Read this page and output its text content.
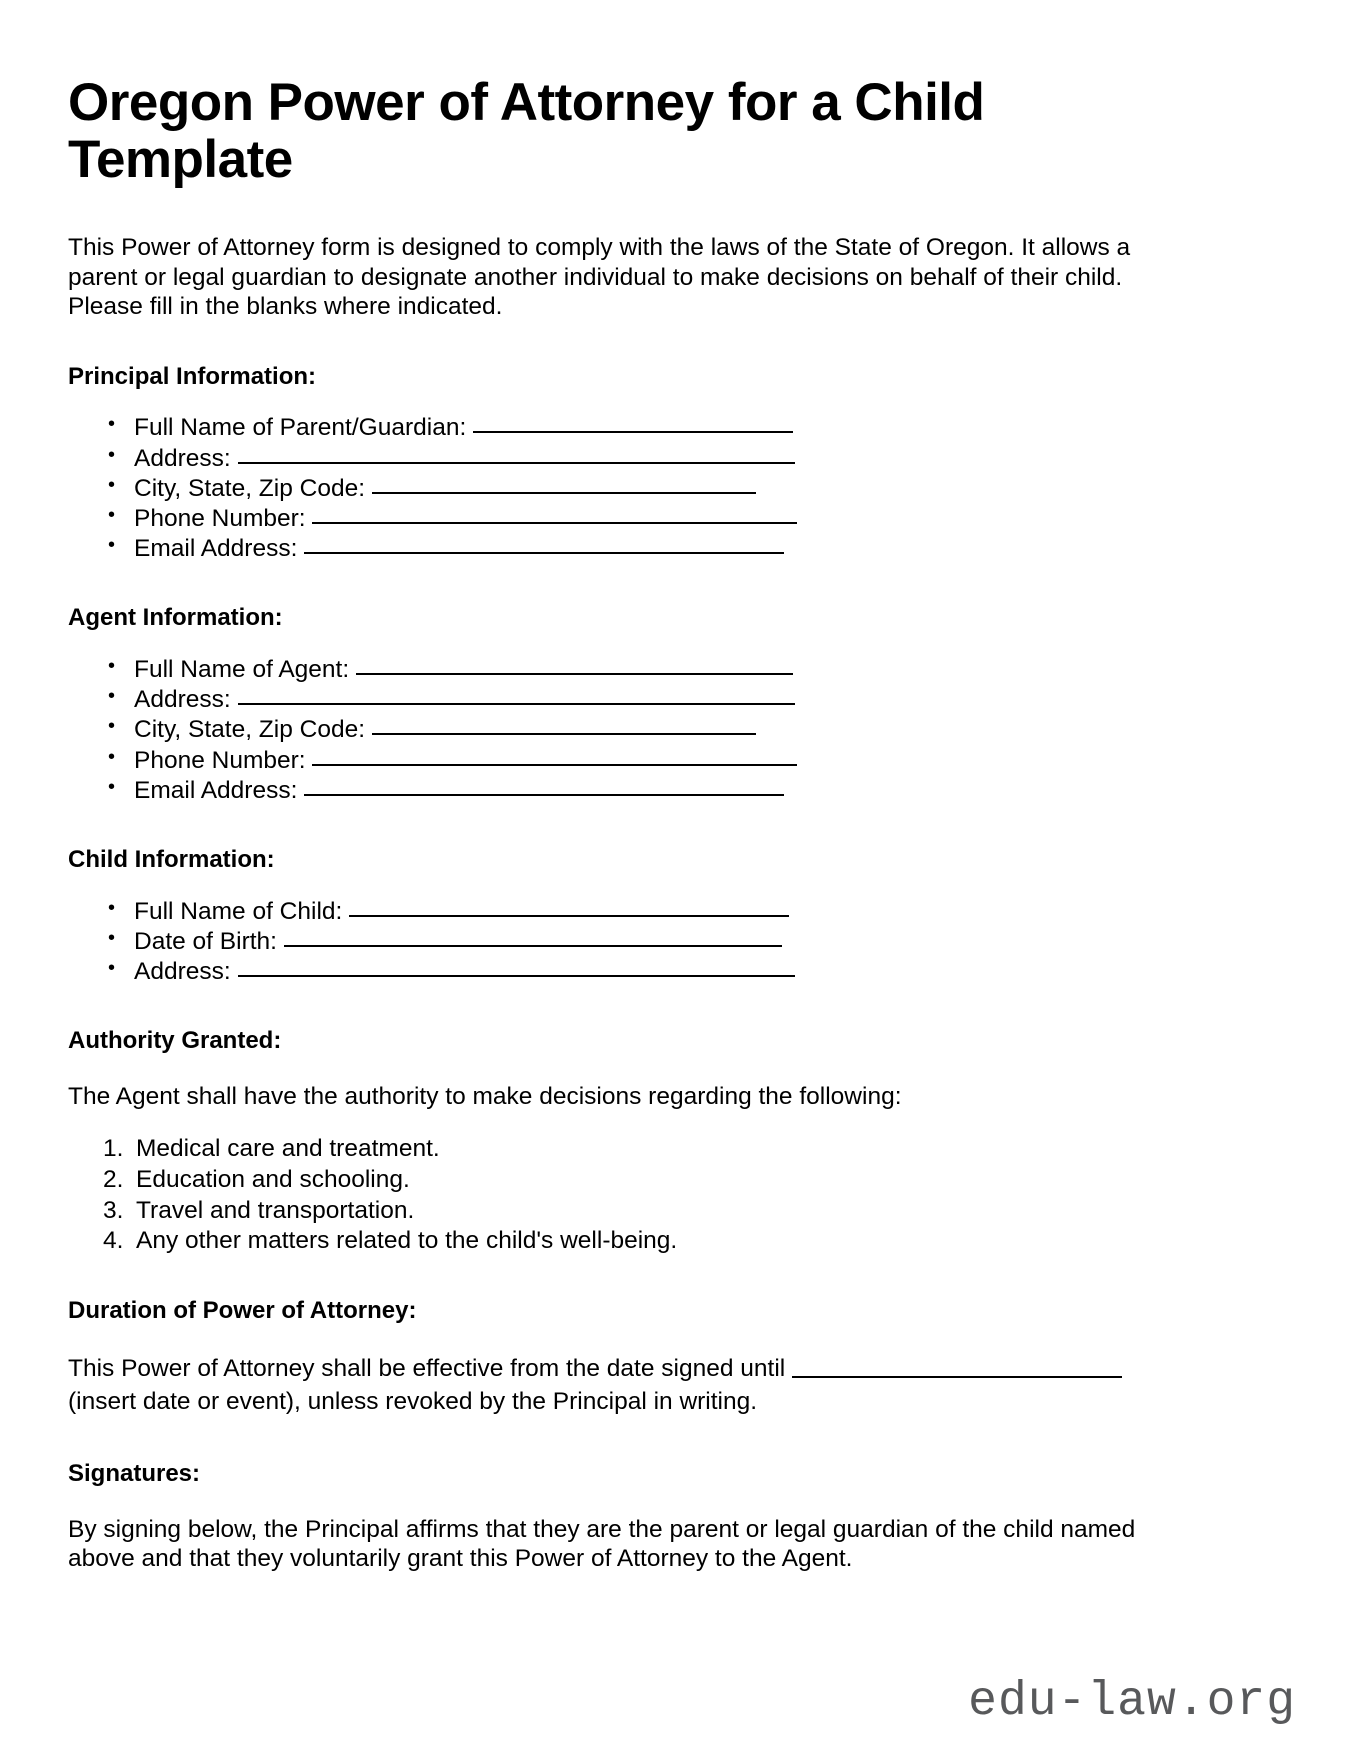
Oregon Power of Attorney for a Child Template

This Power of Attorney form is designed to comply with the laws of the State of Oregon. It allows a parent or legal guardian to designate another individual to make decisions on behalf of their child. Please fill in the blanks where indicated.

Principal Information:
• Full Name of Parent/Guardian:
• Address:
• City, State, Zip Code:
• Phone Number:
• Email Address:
Agent Information:
• Full Name of Agent:
• Address:
• City, State, Zip Code:
• Phone Number:
• Email Address:
Child Information:
• Full Name of Child:
• Date of Birth:
• Address:
Authority Granted:

The Agent shall have the authority to make decisions regarding the following:

Medical care and treatment.
Education and schooling.
Travel and transportation.
Any other matters related to the child's well-being.
Duration of Power of Attorney:

This Power of Attorney shall be effective from the date signed until  (insert date or event), unless revoked by the Principal in writing.

Signatures:

By signing below, the Principal affirms that they are the parent or legal guardian of the child named above and that they voluntarily grant this Power of Attorney to the Agent.

edu-law.org
